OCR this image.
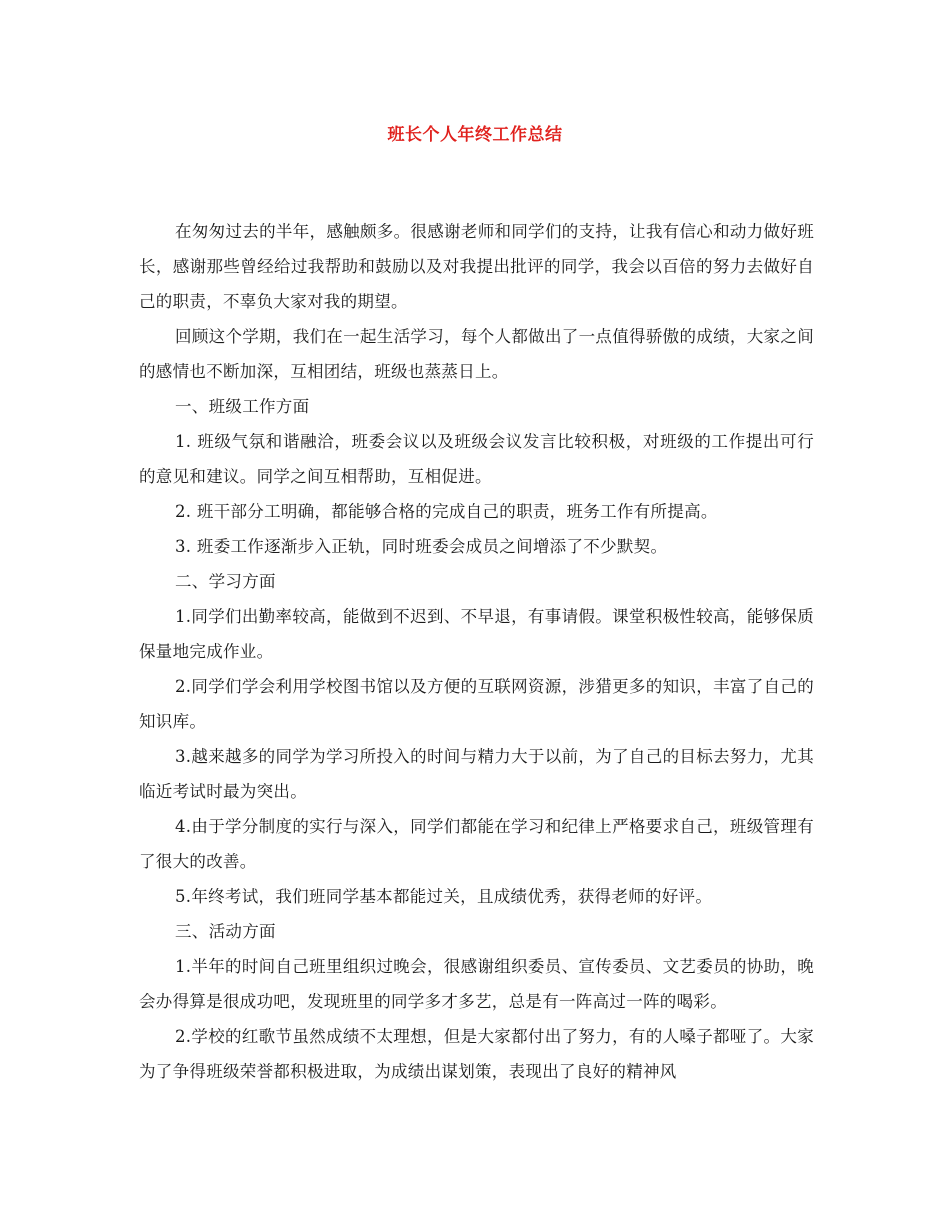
班长个人年终工作总结

在匆匆过去的半年，感触颇多。很感谢老师和同学们的支持，让我有信心和动力做好班长，感谢那些曾经给过我帮助和鼓励以及对我提出批评的同学，我会以百倍的努力去做好自己的职责，不辜负大家对我的期望。

回顾这个学期，我们在一起生活学习，每个人都做出了一点值得骄傲的成绩，大家之间的感情也不断加深，互相团结，班级也蒸蒸日上。

一、班级工作方面

1. 班级气氛和谐融洽，班委会议以及班级会议发言比较积极，对班级的工作提出可行的意见和建议。同学之间互相帮助，互相促进。

2. 班干部分工明确，都能够合格的完成自己的职责，班务工作有所提高。

3. 班委工作逐渐步入正轨，同时班委会成员之间增添了不少默契。

二、学习方面

1.同学们出勤率较高，能做到不迟到、不早退，有事请假。课堂积极性较高，能够保质保量地完成作业。

2.同学们学会利用学校图书馆以及方便的互联网资源，涉猎更多的知识，丰富了自己的知识库。

3.越来越多的同学为学习所投入的时间与精力大于以前，为了自己的目标去努力，尤其临近考试时最为突出。

4.由于学分制度的实行与深入，同学们都能在学习和纪律上严格要求自己，班级管理有了很大的改善。

5.年终考试，我们班同学基本都能过关，且成绩优秀，获得老师的好评。

三、活动方面

1.半年的时间自己班里组织过晚会，很感谢组织委员、宣传委员、文艺委员的协助，晚会办得算是很成功吧，发现班里的同学多才多艺，总是有一阵高过一阵的喝彩。

2.学校的红歌节虽然成绩不太理想，但是大家都付出了努力，有的人嗓子都哑了。大家为了争得班级荣誉都积极进取，为成绩出谋划策，表现出了良好的精神风
